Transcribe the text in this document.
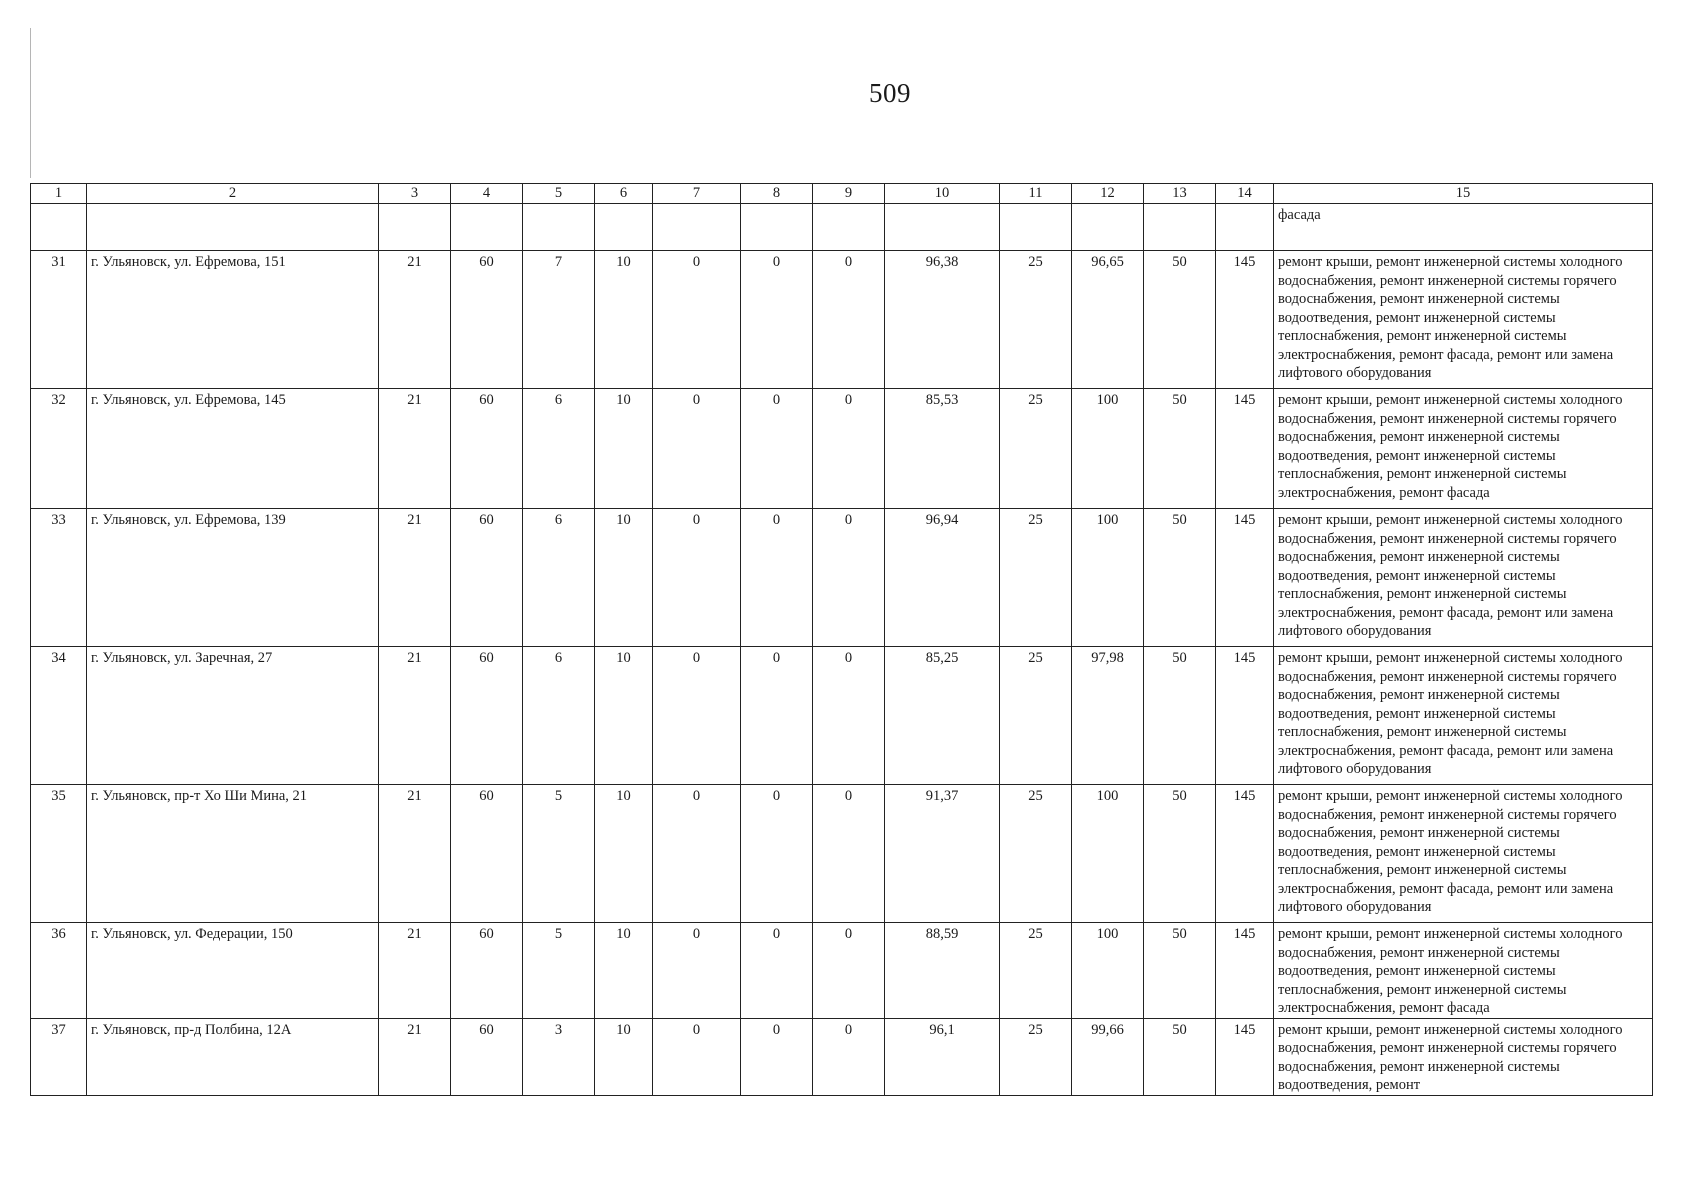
509
1	2	3	4	5	6	7	8	9	10	11	12	13	14	15
														фасада
31	г. Ульяновск, ул. Ефремова, 151	21	60	7	10	0	0	0	96,38	25	96,65	50	145	ремонт крыши, ремонт инженерной системы холодного водоснабжения, ремонт инженерной системы горячего водоснабжения, ремонт инженерной системы водоотведения, ремонт инженерной системы теплоснабжения, ремонт инженерной системы электроснабжения, ремонт фасада, ремонт или замена лифтового оборудования
32	г. Ульяновск, ул. Ефремова, 145	21	60	6	10	0	0	0	85,53	25	100	50	145	ремонт крыши, ремонт инженерной системы холодного водоснабжения, ремонт инженерной системы горячего водоснабжения, ремонт инженерной системы водоотведения, ремонт инженерной системы теплоснабжения, ремонт инженерной системы электроснабжения, ремонт фасада
33	г. Ульяновск, ул. Ефремова, 139	21	60	6	10	0	0	0	96,94	25	100	50	145	ремонт крыши, ремонт инженерной системы холодного водоснабжения, ремонт инженерной системы горячего водоснабжения, ремонт инженерной системы водоотведения, ремонт инженерной системы теплоснабжения, ремонт инженерной системы электроснабжения, ремонт фасада, ремонт или замена лифтового оборудования
34	г. Ульяновск, ул. Заречная, 27	21	60	6	10	0	0	0	85,25	25	97,98	50	145	ремонт крыши, ремонт инженерной системы холодного водоснабжения, ремонт инженерной системы горячего водоснабжения, ремонт инженерной системы водоотведения, ремонт инженерной системы теплоснабжения, ремонт инженерной системы электроснабжения, ремонт фасада, ремонт или замена лифтового оборудования
35	г. Ульяновск, пр-т Хо Ши Мина, 21	21	60	5	10	0	0	0	91,37	25	100	50	145	ремонт крыши, ремонт инженерной системы холодного водоснабжения, ремонт инженерной системы горячего водоснабжения, ремонт инженерной системы водоотведения, ремонт инженерной системы теплоснабжения, ремонт инженерной системы электроснабжения, ремонт фасада, ремонт или замена лифтового оборудования
36	г. Ульяновск, ул. Федерации, 150	21	60	5	10	0	0	0	88,59	25	100	50	145	ремонт крыши, ремонт инженерной системы холодного водоснабжения, ремонт инженерной системы водоотведения, ремонт инженерной системы теплоснабжения, ремонт инженерной системы электроснабжения, ремонт фасада
37	г. Ульяновск, пр-д Полбина, 12А	21	60	3	10	0	0	0	96,1	25	99,66	50	145	ремонт крыши, ремонт инженерной системы холодного водоснабжения, ремонт инженерной системы горячего водоснабжения, ремонт инженерной системы водоотведения, ремонт
